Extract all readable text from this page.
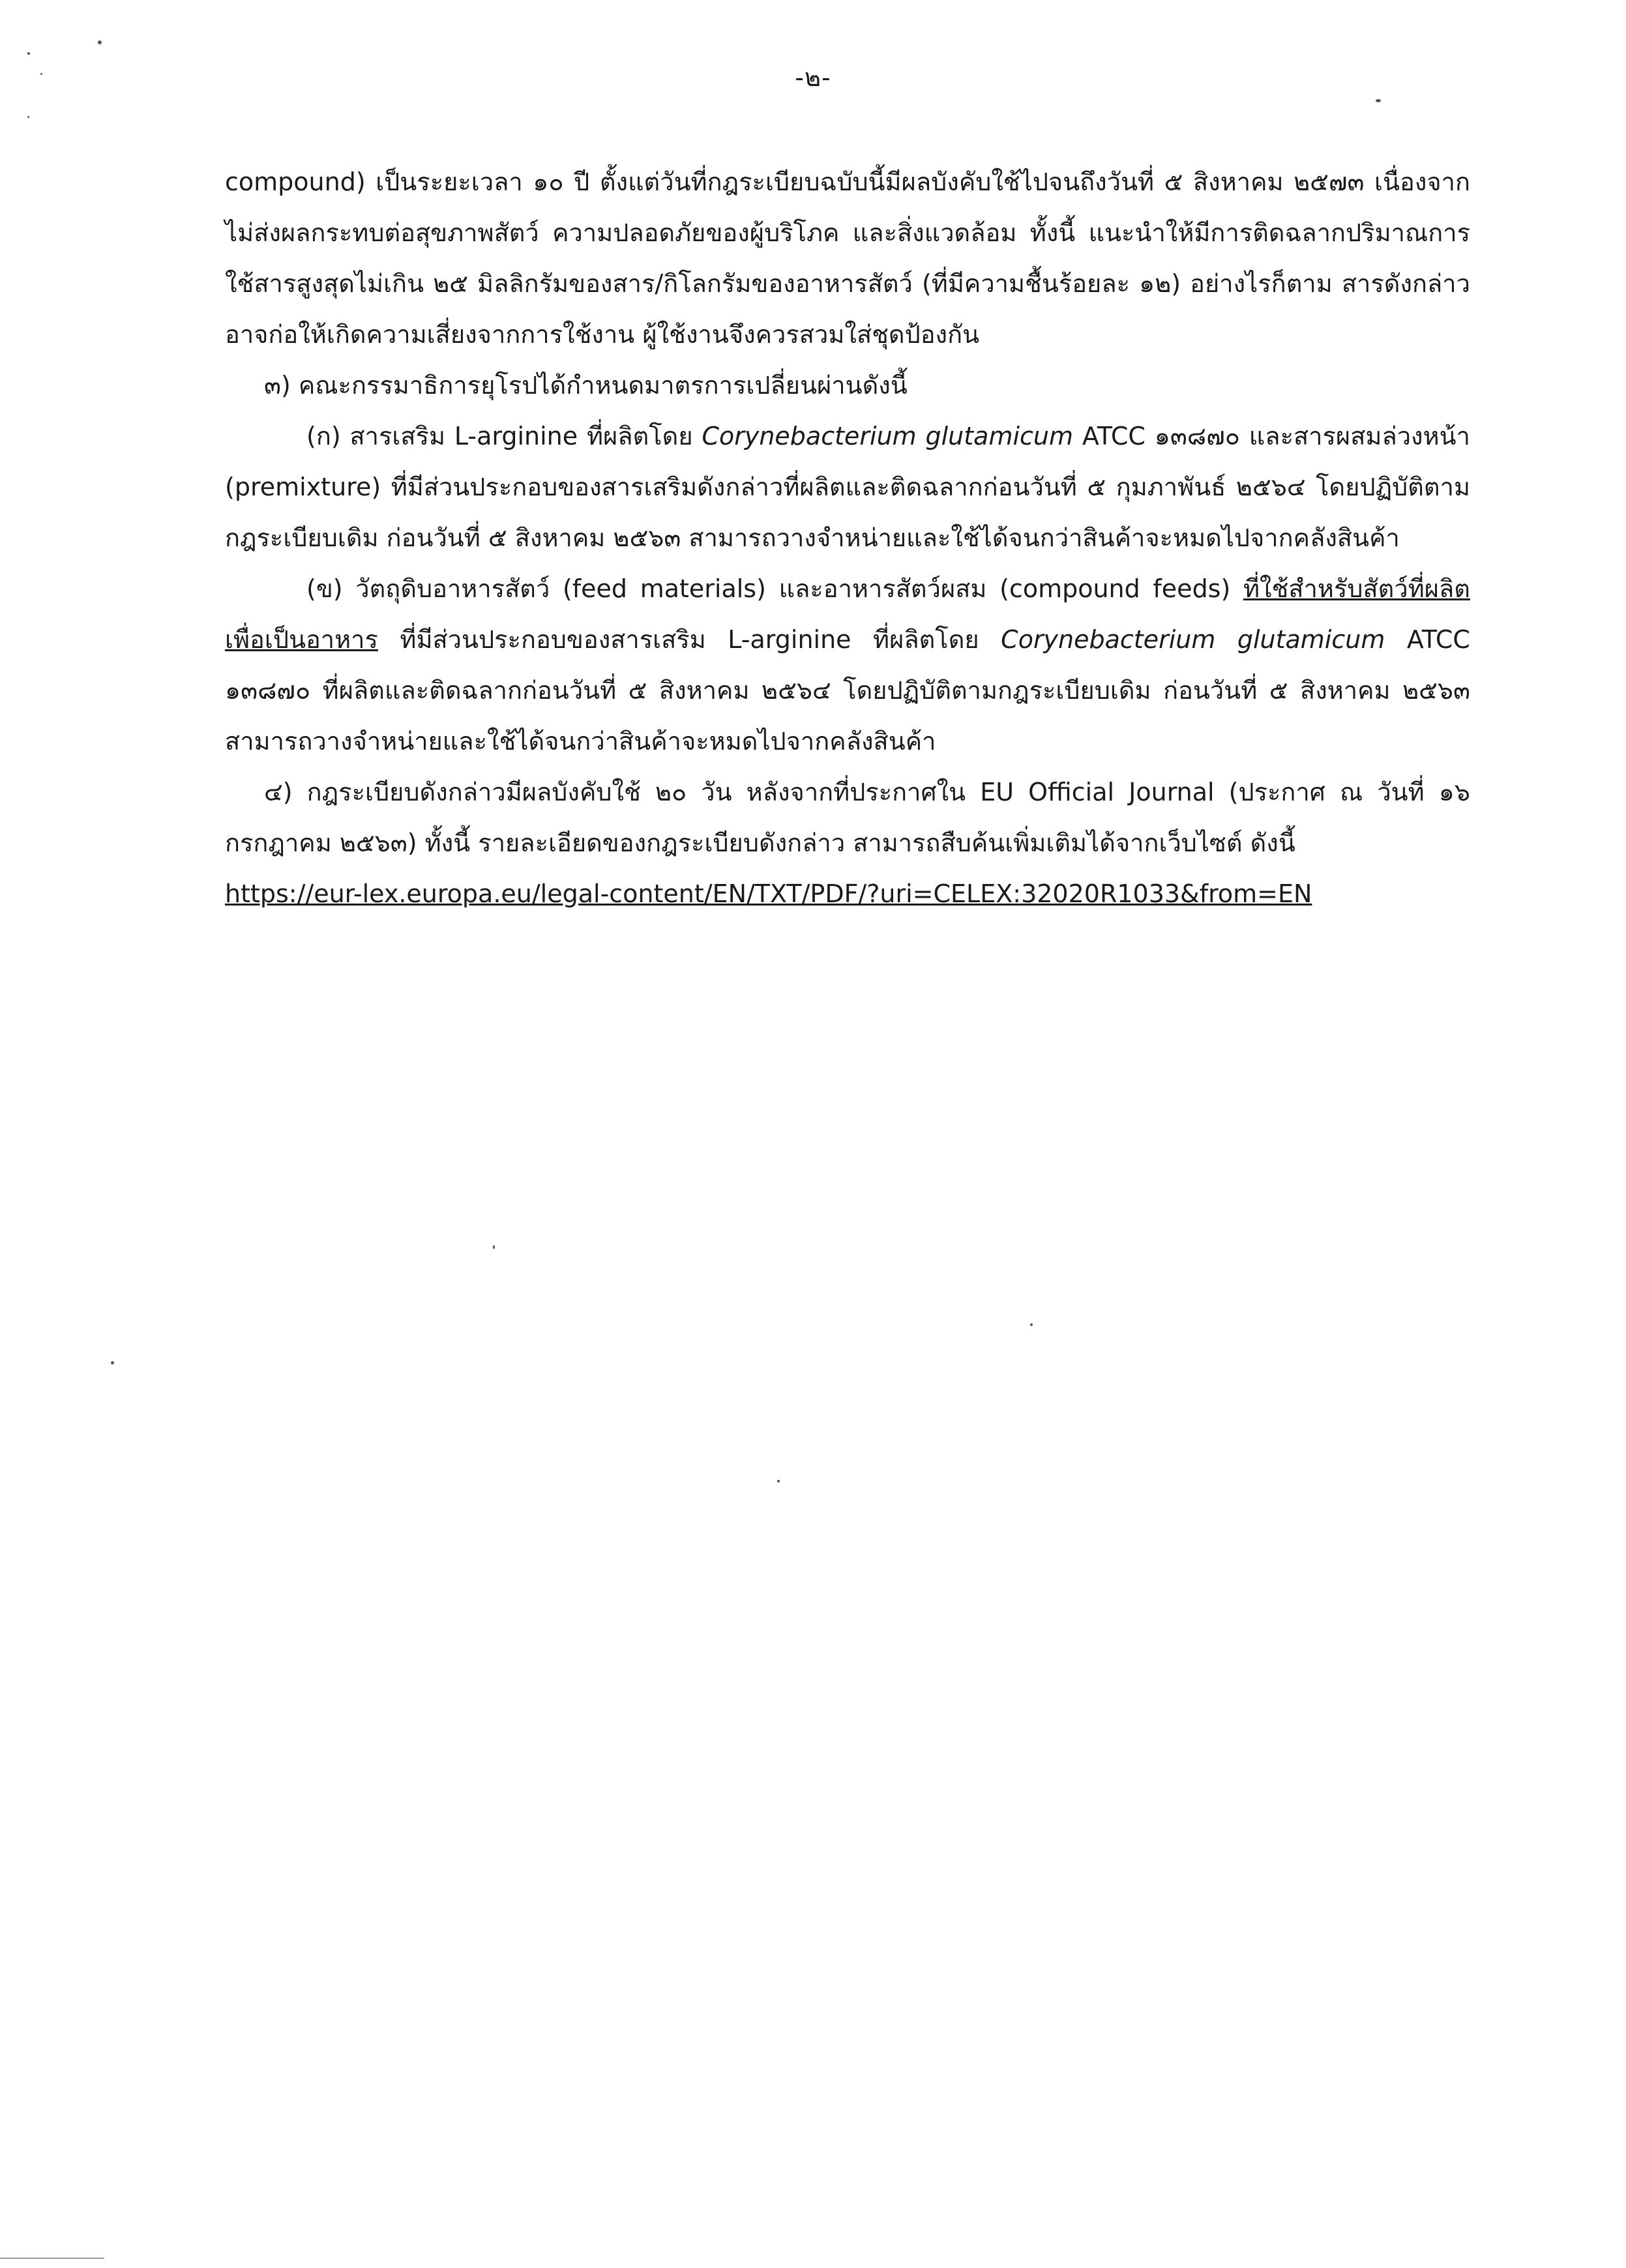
-๒-

compound) เป็นระยะเวลา ๑๐ ปี ตั้งแต่วันที่กฎระเบียบฉบับนี้มีผลบังคับใช้ไปจนถึงวันที่ ๕ สิงหาคม ๒๕๗๓ เนื่องจากไม่ส่งผลกระทบต่อสุขภาพสัตว์ ความปลอดภัยของผู้บริโภค และสิ่งแวดล้อม ทั้งนี้ แนะนำให้มีการติดฉลากปริมาณการใช้สารสูงสุดไม่เกิน ๒๕ มิลลิกรัมของสาร/กิโลกรัมของอาหารสัตว์ (ที่มีความชื้นร้อยละ ๑๒) อย่างไรก็ตาม สารดังกล่าวอาจก่อให้เกิดความเสี่ยงจากการใช้งาน ผู้ใช้งานจึงควรสวมใส่ชุดป้องกัน

๓) คณะกรรมาธิการยุโรปได้กำหนดมาตรการเปลี่ยนผ่านดังนี้

(ก) สารเสริม L-arginine ที่ผลิตโดย Corynebacterium glutamicum ATCC ๑๓๘๗๐ และสารผสมล่วงหน้า (premixture) ที่มีส่วนประกอบของสารเสริมดังกล่าวที่ผลิตและติดฉลากก่อนวันที่ ๕ กุมภาพันธ์ ๒๕๖๔ โดยปฏิบัติตามกฎระเบียบเดิม ก่อนวันที่ ๕ สิงหาคม ๒๕๖๓ สามารถวางจำหน่ายและใช้ได้จนกว่าสินค้าจะหมดไปจากคลังสินค้า

(ข) วัตถุดิบอาหารสัตว์ (feed materials) และอาหารสัตว์ผสม (compound feeds) ที่ใช้สำหรับสัตว์ที่ผลิตเพื่อเป็นอาหาร ที่มีส่วนประกอบของสารเสริม L-arginine ที่ผลิตโดย Corynebacterium glutamicum ATCC ๑๓๘๗๐ ที่ผลิตและติดฉลากก่อนวันที่ ๕ สิงหาคม ๒๕๖๔ โดยปฏิบัติตามกฎระเบียบเดิม ก่อนวันที่ ๕ สิงหาคม ๒๕๖๓ สามารถวางจำหน่ายและใช้ได้จนกว่าสินค้าจะหมดไปจากคลังสินค้า

๔) กฎระเบียบดังกล่าวมีผลบังคับใช้ ๒๐ วัน หลังจากที่ประกาศใน EU Official Journal (ประกาศ ณ วันที่ ๑๖ กรกฎาคม ๒๕๖๓) ทั้งนี้ รายละเอียดของกฎระเบียบดังกล่าว สามารถสืบค้นเพิ่มเติมได้จากเว็บไซต์ ดังนี้

https://eur-lex.europa.eu/legal-content/EN/TXT/PDF/?uri=CELEX:32020R1033&from=EN
